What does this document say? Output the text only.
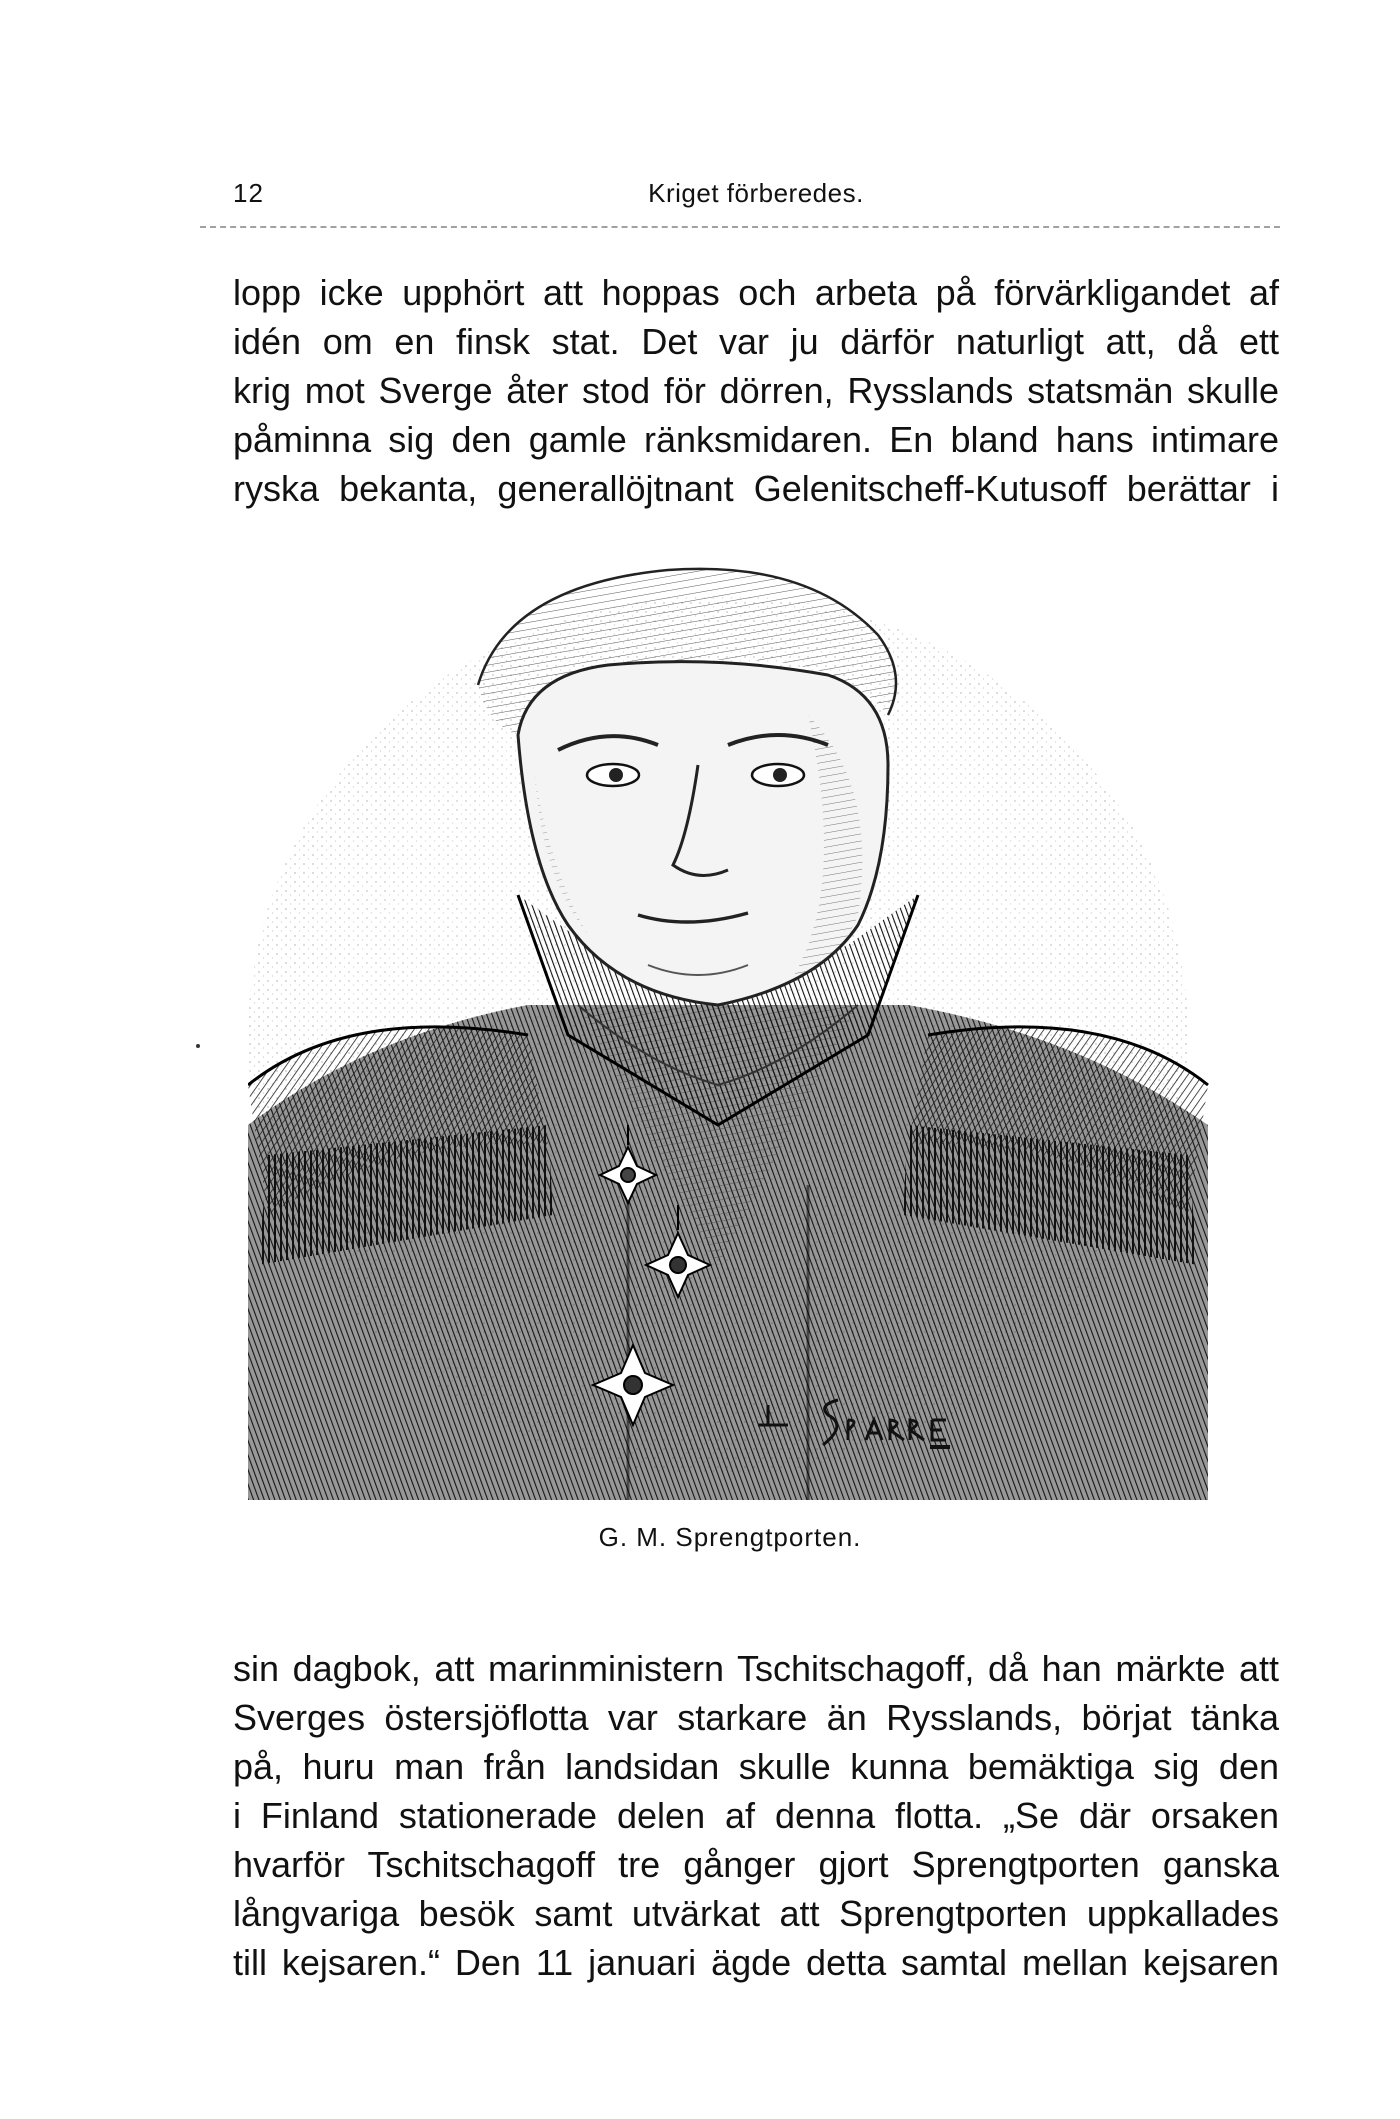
12	Kriget förberedes.
lopp icke upphört att hoppas och arbeta på förvärkligandet af
idén om en finsk stat. Det var ju därför naturligt att, då ett
krig mot Sverge åter stod för dörren, Rysslands statsmän skulle
påminna sig den gamle ränksmidaren. En bland hans intimare
ryska bekanta, generallöjtnant Gelenitscheff-Kutusoff berättar i
G. M. Sprengtporten.
sin dagbok, att marinministern Tschitschagoff, då han märkte att
Sverges östersjöflotta var starkare än Rysslands, börjat tänka
på, huru man från landsidan skulle kunna bemäktiga sig den
i Finland stationerade delen af denna flotta. „Se där orsaken
hvarför Tschitschagoff tre gånger gjort Sprengtporten ganska
långvariga besök samt utvärkat att Sprengtporten uppkallades
till kejsaren.“ Den 11 januari ägde detta samtal mellan kejsaren
